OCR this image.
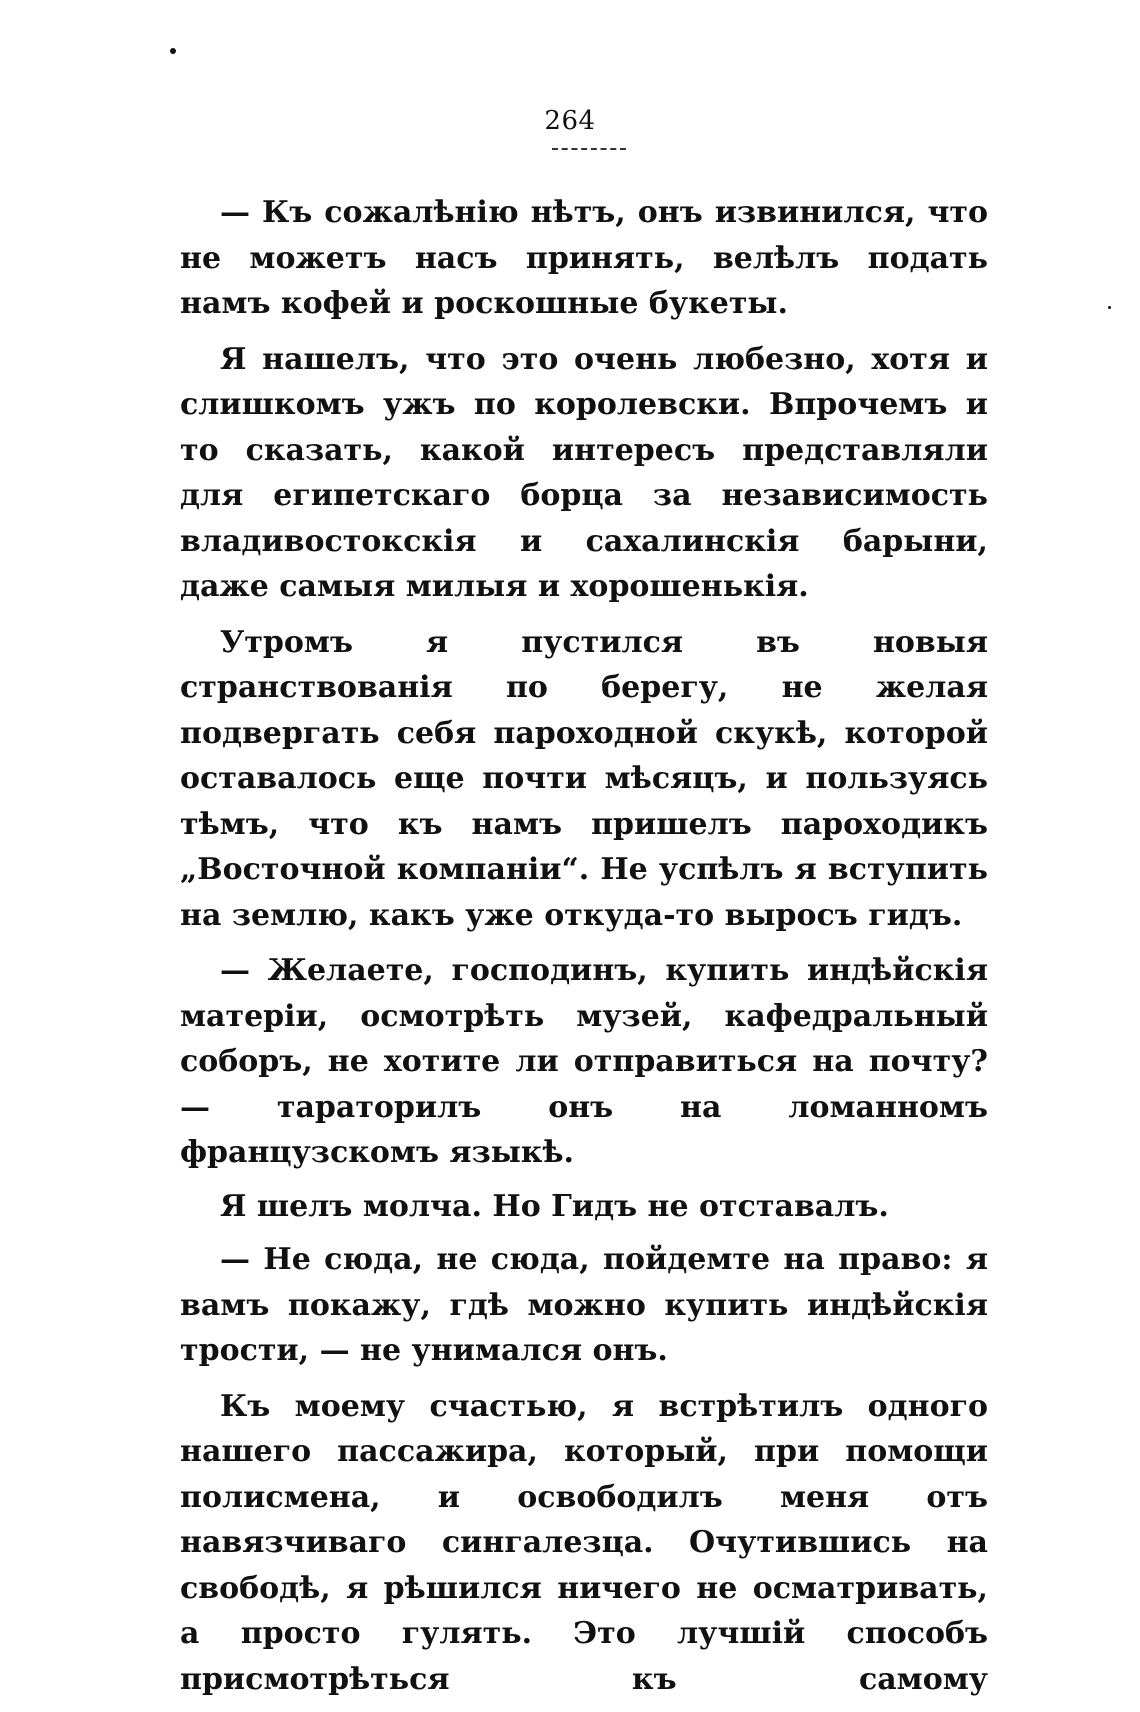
264

— Къ сожалѣнію нѣтъ, онъ извинился, что не можетъ насъ принять, велѣлъ подать намъ кофей и роскошные букеты.

Я нашелъ, что это очень любезно, хотя и слишкомъ ужъ по королевски. Впрочемъ и то сказать, какой интересъ представляли для египетскаго борца за независимость владивостокскія и сахалинскія барыни, даже самыя милыя и хорошенькія.

Утромъ я пустился въ новыя странствованія по берегу, не желая подвергать себя пароходной скукѣ, которой оставалось еще почти мѣсяцъ, и пользуясь тѣмъ, что къ намъ пришелъ пароходикъ „Восточной компаніи“. Не успѣлъ я вступить на землю, какъ уже откуда-то выросъ гидъ.

— Желаете, господинъ, купить индѣйскія матеріи, осмотрѣть музей, кафедральный соборъ, не хотите ли отправиться на почту?— тараторилъ онъ на ломанномъ французскомъ языкѣ.

Я шелъ молча. Но Гидъ не отставалъ.

— Не сюда, не сюда, пойдемте на право: я вамъ покажу, гдѣ можно купить индѣйскія трости, — не унимался онъ.

Къ моему счастью, я встрѣтилъ одного нашего пассажира, который, при помощи полисмена, и освободилъ меня отъ навязчиваго сингалезца. Очутившись на свободѣ, я рѣшился ничего не осматривать, а просто гулять. Это лучшій способъ присмотрѣться къ самому
